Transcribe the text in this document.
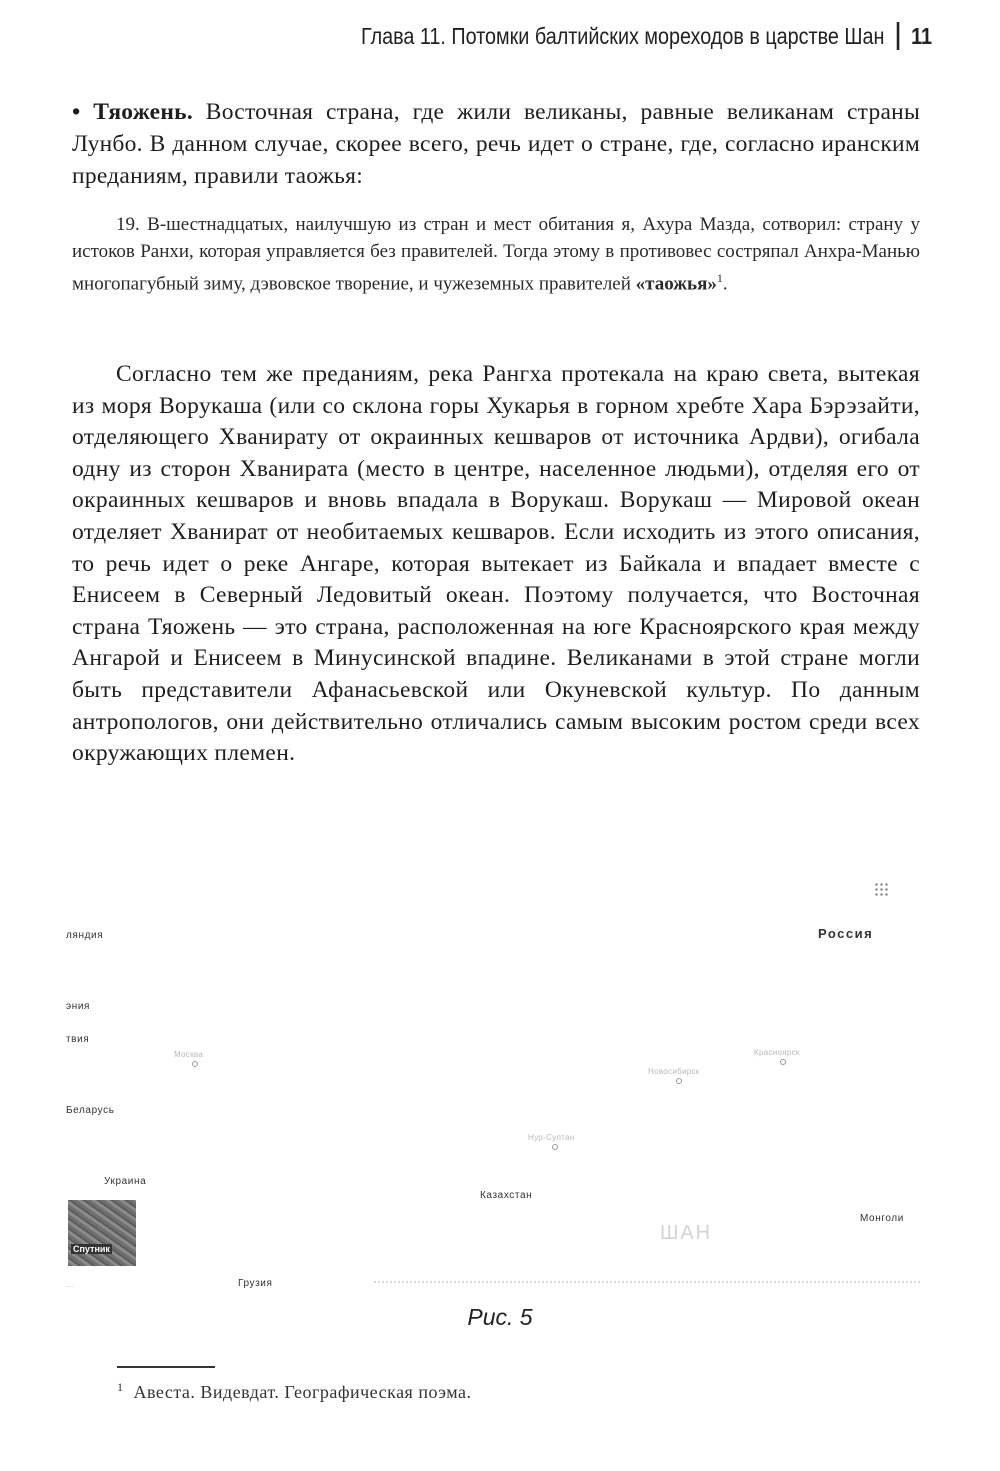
Глава 11. Потомки балтийских мореходов в царстве Шан 11

• Тяожень. Восточная страна, где жили великаны, равные великанам страны Лунбо. В данном случае, скорее всего, речь идет о стране, где, согласно иранским преданиям, правили таожья:

19. В-шестнадцатых, наилучшую из стран и мест обитания я, Ахура Мазда, сотворил: страну у истоков Ранхи, которая управляется без правителей. Тогда этому в противовес состряпал Анхра-Манью многопагубный зиму, дэвовское творение, и чужеземных правителей «таожья»$^1$.

Согласно тем же преданиям, река Рангха протекала на краю света, вытекая из моря Ворукаша (или со склона горы Хукарья в горном хребте Хара Бэрэзайти, отделяющего Хванирату от окраинных кешваров от источника Ардви), огибала одну из сторон Хванирата (место в центре, населенное людьми), отделяя его от окраинных кешваров и вновь впадала в Ворукаш. Ворукаш — Мировой океан отделяет Хванират от необитаемых кешваров. Если исходить из этого описания, то речь идет о реке Ангаре, которая вытекает из Байкала и впадает вместе с Енисеем в Северный Ледовитый океан. Поэтому получается, что Восточная страна Тяожень — это страна, расположенная на юге Красноярского края между Ангарой и Енисеем в Минусинской впадине. Великанами в этой стране могли быть представители Афанасьевской или Окуневской культур. По данным антропологов, они действительно отличались самым высоким ростом среди всех окружающих племен.

ляндия	Россия
эния
твия
Москва
Новосибирск
Красноярск
Беларусь
Нур-Султан
Украина
Казахстан
ШАН
Монголи
Спутник
...	Грузия
Рис. 5
$^1$ Авеста. Видевдат. Географическая поэма.
